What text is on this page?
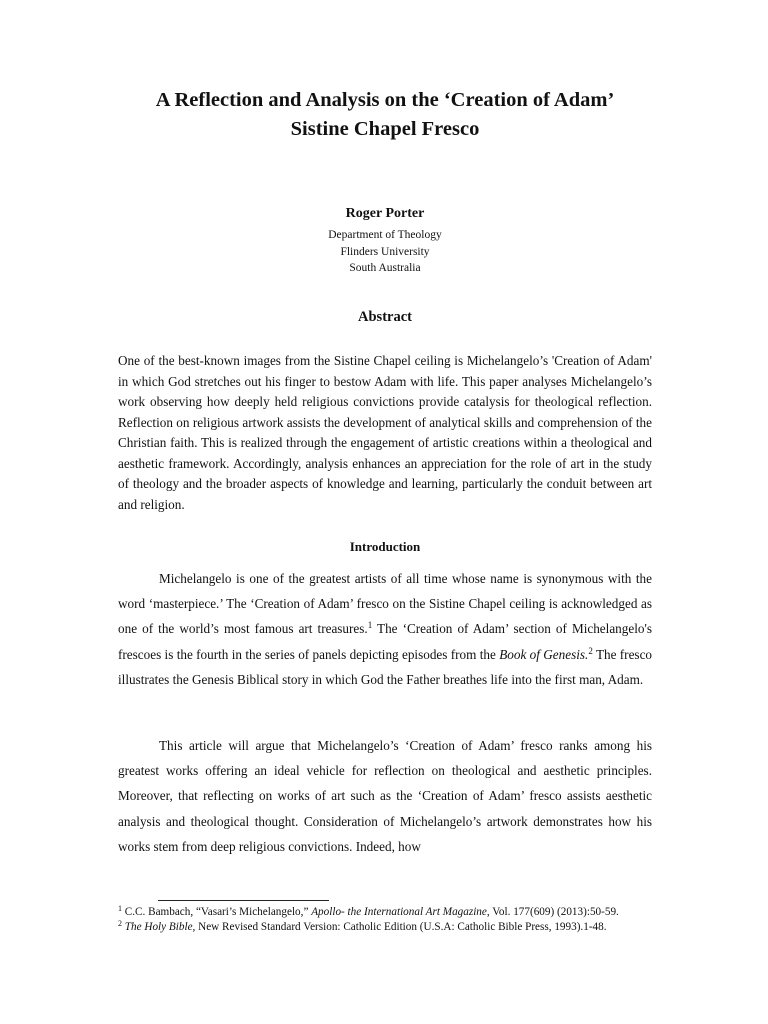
A Reflection and Analysis on the ‘Creation of Adam’
Sistine Chapel Fresco

Roger Porter

Department of Theology
Flinders University
South Australia

Abstract

One of the best-known images from the Sistine Chapel ceiling is Michelangelo’s 'Creation of Adam' in which God stretches out his finger to bestow Adam with life. This paper analyses Michelangelo’s work observing how deeply held religious convictions provide catalysis for theological reflection. Reflection on religious artwork assists the development of analytical skills and comprehension of the Christian faith. This is realized through the engagement of artistic creations within a theological and aesthetic framework. Accordingly, analysis enhances an appreciation for the role of art in the study of theology and the broader aspects of knowledge and learning, particularly the conduit between art and religion.

Introduction

Michelangelo is one of the greatest artists of all time whose name is synonymous with the word ‘masterpiece.’ The ‘Creation of Adam’ fresco on the Sistine Chapel ceiling is acknowledged as one of the world’s most famous art treasures.$^1$ The ‘Creation of Adam’ section of Michelangelo's frescoes is the fourth in the series of panels depicting episodes from the Book of Genesis.$^2$ The fresco illustrates the Genesis Biblical story in which God the Father breathes life into the first man, Adam.

This article will argue that Michelangelo’s ‘Creation of Adam’ fresco ranks among his greatest works offering an ideal vehicle for reflection on theological and aesthetic principles. Moreover, that reflecting on works of art such as the ‘Creation of Adam’ fresco assists aesthetic analysis and theological thought. Consideration of Michelangelo’s artwork demonstrates how his works stem from deep religious convictions. Indeed, how

$^1$ C.C. Bambach, “Vasari’s Michelangelo,” Apollo- the International Art Magazine, Vol. 177(609) (2013):50-59.
$^2$ The Holy Bible, New Revised Standard Version: Catholic Edition (U.S.A: Catholic Bible Press, 1993).1-48.
